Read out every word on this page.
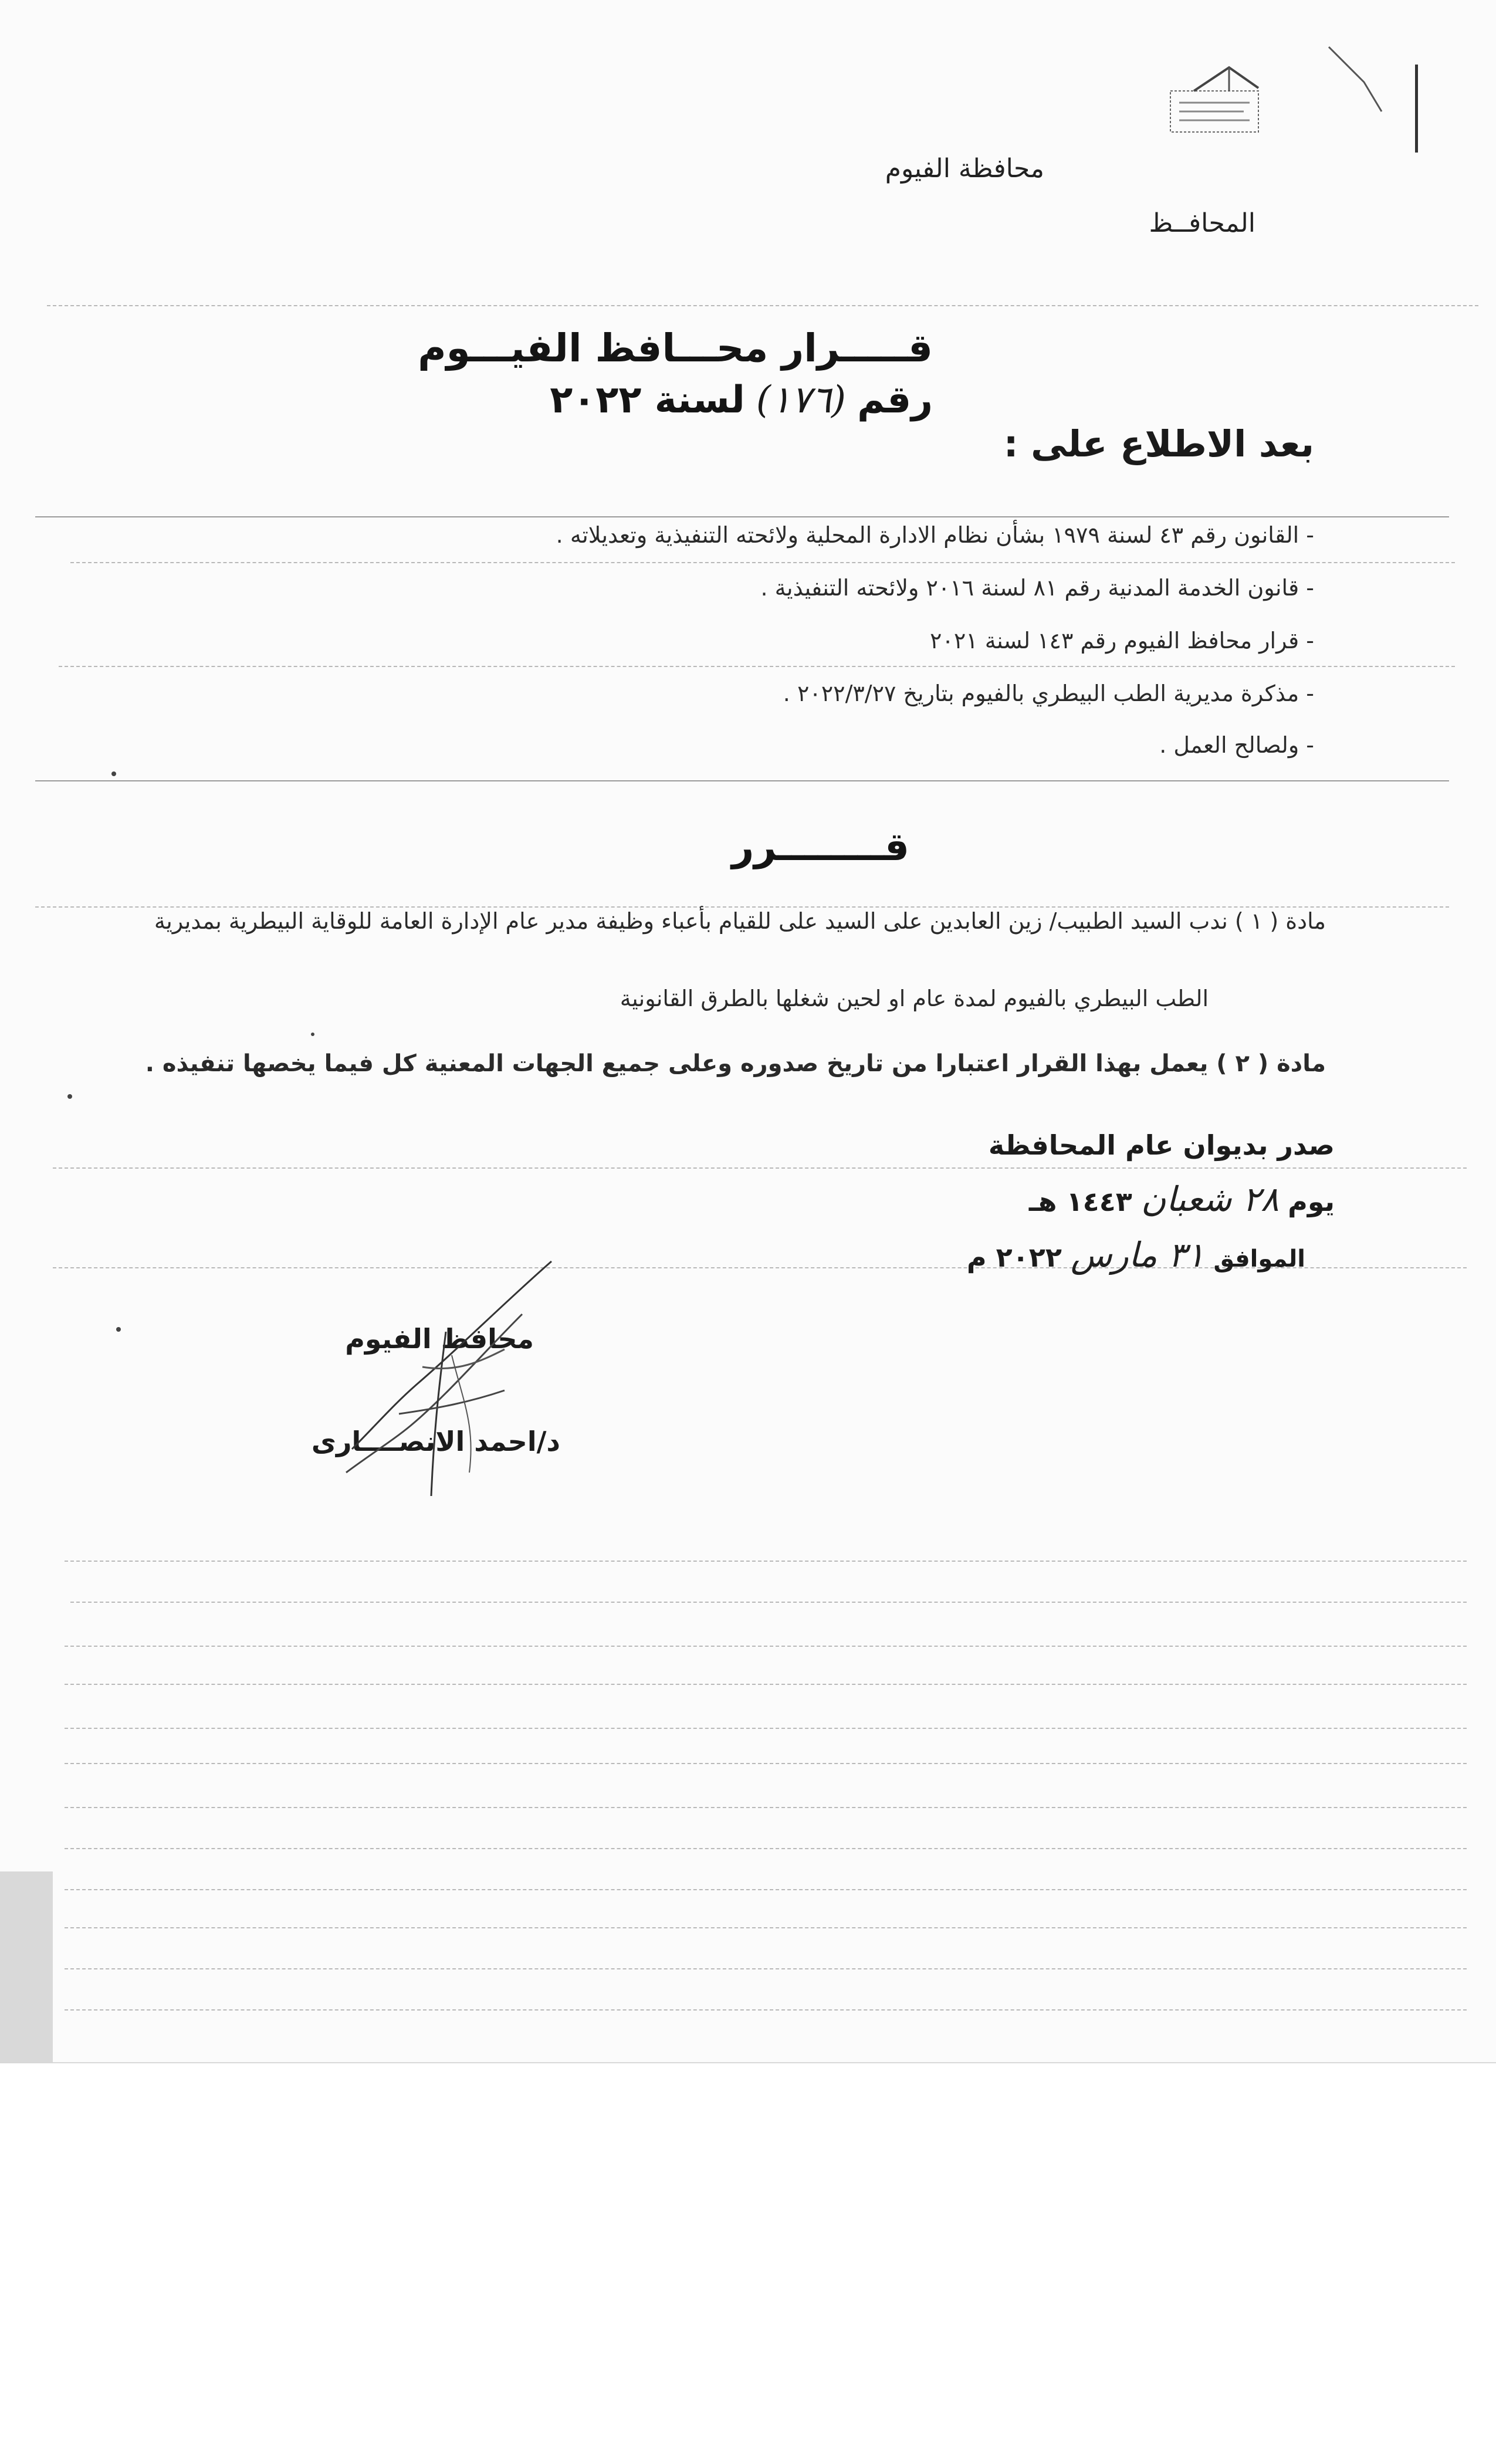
محافظة الفيوم
المحافــظ
قـــــرار محـــافظ الفيـــوم
رقم (١٧٦) لسنة ٢٠٢٢
بعد الاطلاع على :
- القانون رقم ٤٣ لسنة ١٩٧٩ بشأن نظام الادارة المحلية ولائحته التنفيذية وتعديلاته .
- قانون الخدمة المدنية رقم ٨١ لسنة ٢٠١٦ ولائحته التنفيذية .
- قرار محافظ الفيوم رقم ١٤٣ لسنة ٢٠٢١
- مذكرة مديرية الطب البيطري بالفيوم بتاريخ ٢٠٢٢/٣/٢٧ .
- ولصالح العمل .
قــــــــرر
مادة ( ١ ) ندب السيد الطبيب/ زين العابدين على السيد على للقيام بأعباء وظيفة مدير عام الإدارة العامة للوقاية البيطرية بمديرية
الطب البيطري بالفيوم لمدة عام او لحين شغلها بالطرق القانونية
مادة ( ٢ ) يعمل بهذا القرار اعتبارا من تاريخ صدوره وعلى جميع الجهات المعنية كل فيما يخصها تنفيذه .
صدر بديوان عام المحافظة
يوم ٢٨ شعبان ١٤٤٣ هـ
الموافق ٣١ مارس ٢٠٢٢ م
محافظ الفيوم
د/احمد الانصــــارى
